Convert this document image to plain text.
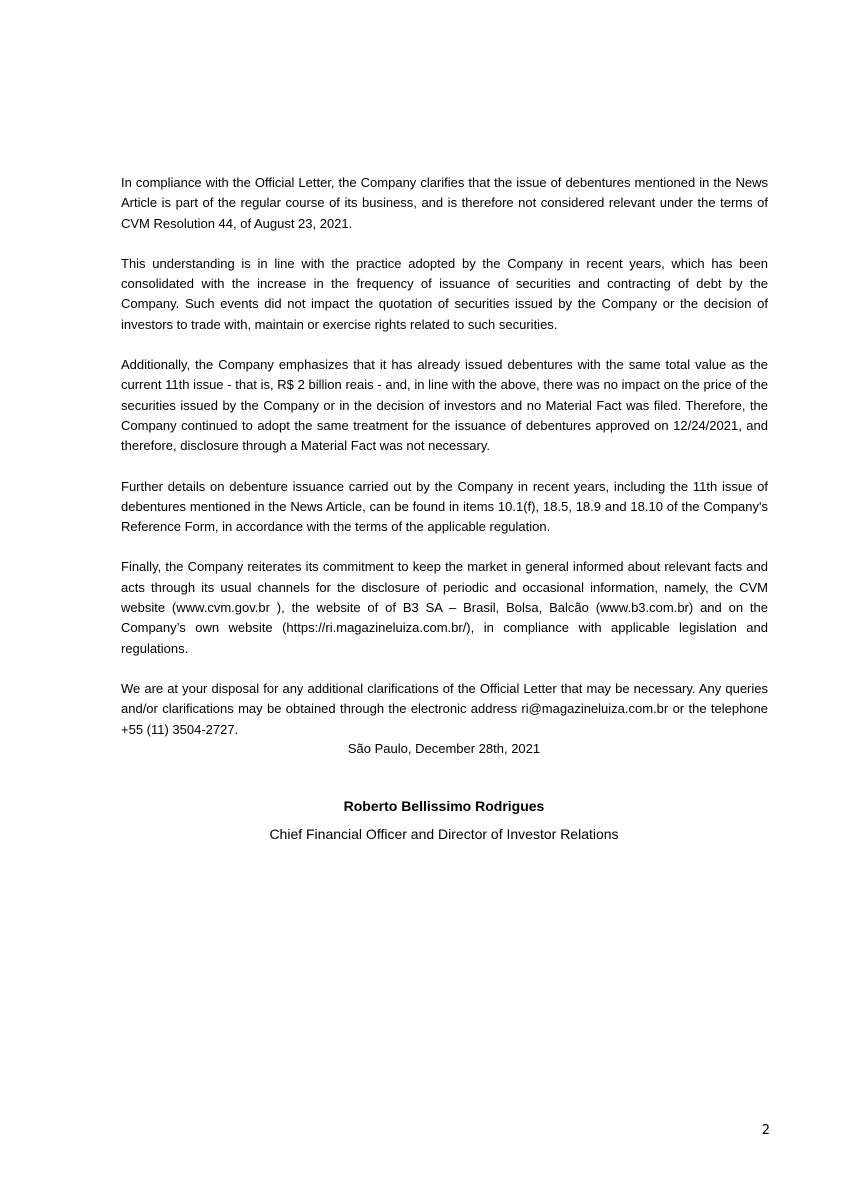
In compliance with the Official Letter, the Company clarifies that the issue of debentures mentioned in the News Article is part of the regular course of its business, and is therefore not considered relevant under the terms of CVM Resolution 44, of August 23, 2021.

This understanding is in line with the practice adopted by the Company in recent years, which has been consolidated with the increase in the frequency of issuance of securities and contracting of debt by the Company. Such events did not impact the quotation of securities issued by the Company or the decision of investors to trade with, maintain or exercise rights related to such securities.

Additionally, the Company emphasizes that it has already issued debentures with the same total value as the current 11th issue - that is, R$ 2 billion reais - and, in line with the above, there was no impact on the price of the securities issued by the Company or in the decision of investors and no Material Fact was filed. Therefore, the Company continued to adopt the same treatment for the issuance of debentures approved on 12/24/2021, and therefore, disclosure through a Material Fact was not necessary.

Further details on debenture issuance carried out by the Company in recent years, including the 11th issue of debentures mentioned in the News Article, can be found in items 10.1(f), 18.5, 18.9 and 18.10 of the Company's Reference Form, in accordance with the terms of the applicable regulation.

Finally, the Company reiterates its commitment to keep the market in general informed about relevant facts and acts through its usual channels for the disclosure of periodic and occasional information, namely, the CVM website (www.cvm.gov.br ), the website of of B3 SA – Brasil, Bolsa, Balcão (www.b3.com.br) and on the Company’s own website (https://ri.magazineluiza.com.br/), in compliance with applicable legislation and regulations.

We are at your disposal for any additional clarifications of the Official Letter that may be necessary. Any queries and/or clarifications may be obtained through the electronic address ri@magazineluiza.com.br or the telephone +55 (11) 3504-2727.

São Paulo, December 28th, 2021
Roberto Bellissimo Rodrigues
Chief Financial Officer and Director of Investor Relations
2
